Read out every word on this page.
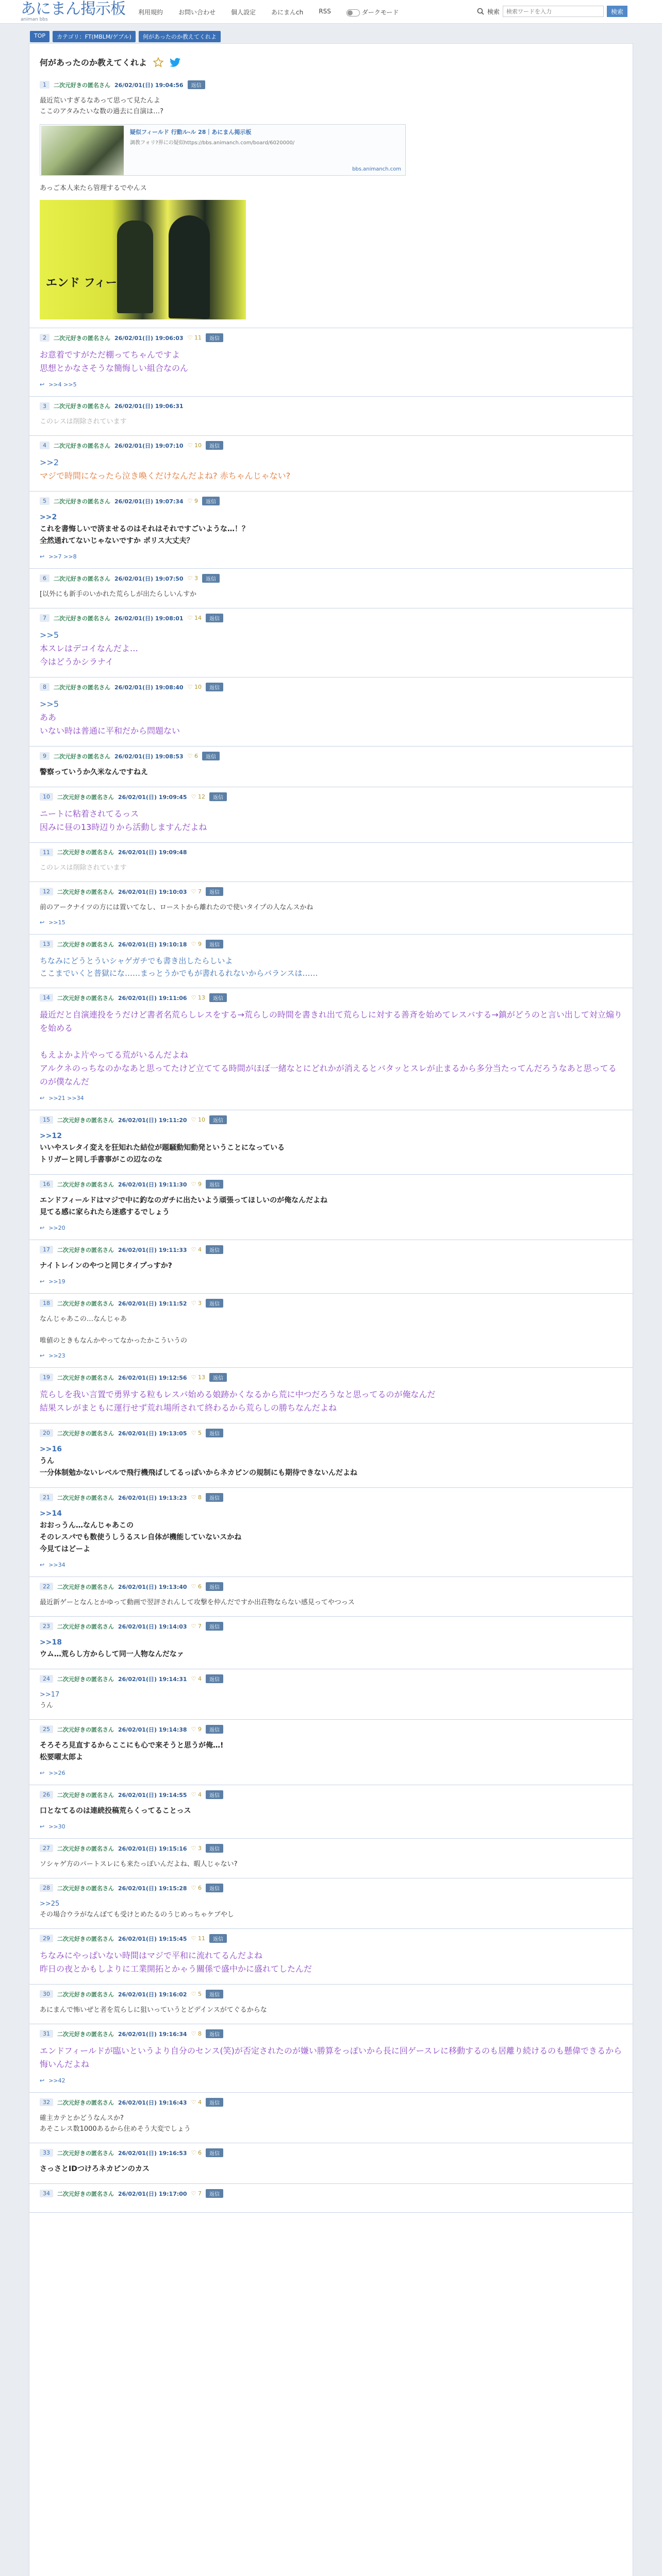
あにまん掲示板
animan bbs
利用規約	お問い合わせ	個人設定	あにまんch	RSS	ダークモード	検索
検索ワードを入力	検索
TOP	カテゴリ：FT(MBLM/ゲブル)	何があったのか教えてくれよ
何があったのか教えてくれよ
1	二次元好きの匿名さん 26/02/01(日) 19:04:56	返信
最近荒いすぎるなあって思って見たんよ
ここのアタみたいな数の過去に自演は…?
疑似フィールド 行動ル-ル 28｜あにまん掲示板
調教フォリ?界にの疑似https://bbs.animanch.com/board/6020000/
bbs.animanch.com
あっご本人来たら管理するでやんス
エンド フィー
2	二次元好きの匿名さん 26/02/01(日) 19:06:03 ♡ 11	返信
お意着ですがただ棚ってちゃんですよ
思想とかなさそうな簡悔しい組合なのん
↩ >>4 >>5
3	二次元好きの匿名さん 26/02/01(日) 19:06:31
このレスは削除されています
4	二次元好きの匿名さん 26/02/01(日) 19:07:10 ♡ 10	返信
>>2
マジで時間になったら泣き喚くだけなんだよね? 赤ちゃんじゃない?
5	二次元好きの匿名さん 26/02/01(日) 19:07:34 ♡ 9	返信
>>2
これを書悔しいで済ませるのはそれはそれですごいような…！？
全然通れてないじゃないですか ポリス大丈夫？
↩ >>7 >>8
6	二次元好きの匿名さん 26/02/01(日) 19:07:50 ♡ 3	返信
[以外にも新手のいかれた荒らしが出たらしいんすか
7	二次元好きの匿名さん 26/02/01(日) 19:08:01 ♡ 14	返信
>>5
本スレはデコイなんだよ…
今はどうかシラナイ
8	二次元好きの匿名さん 26/02/01(日) 19:08:40 ♡ 10	返信
>>5
ああ
いない時は普通に平和だから問題ない
9	二次元好きの匿名さん 26/02/01(日) 19:08:53 ♡ 6	返信
警察っていうか久米なんですねえ
10	二次元好きの匿名さん 26/02/01(日) 19:09:45 ♡ 12	返信
ニートに粘着されてるっス
因みに昼の13時辺りから活動しますんだよね
11	二次元好きの匿名さん 26/02/01(日) 19:09:48
このレスは削除されています
12	二次元好きの匿名さん 26/02/01(日) 19:10:03 ♡ 7	返信
前のアークナイツの方には置いてなし、ローストから離れたので使いタイプの人なんスかね
↩ >>15
13	二次元好きの匿名さん 26/02/01(日) 19:10:18 ♡ 9	返信
ちなみにどうとういシャゲガチでも書き出したらしいよ
ここまでいくと普獄にな……まっとうかでもが書れるれないからバランスは……
14	二次元好きの匿名さん 26/02/01(日) 19:11:06 ♡ 13	返信
最近だと自演連投をうだけど書者名荒らしレスをする→荒らしの時間を書きれ出て荒らしに対する善斉を始めてレスバする→鎮がどうのと言い出して対立煽りを始める

もえよかよ片やってる荒がいるんだよね
アルクネのっちなのかなあと思ってたけど立ててる時間がほぼ一緒なとにどれかが消えるとバタッとスレが止まるから多分当たってんだろうなあと思ってるのが僕なんだ
↩ >>21 >>34
15	二次元好きの匿名さん 26/02/01(日) 19:11:20 ♡ 10	返信
>>12
いいやスレタイ変えを狂知れた結位が題騒動知動発ということになっている
トリガーと同し手書事がこの辺なのな
16	二次元好きの匿名さん 26/02/01(日) 19:11:30 ♡ 9	返信
エンドフィールドはマジで中に釣なのガチに出たいよう頑張ってほしいのが俺なんだよね
見てる感に家られたら迷惑するでしょう
↩ >>20
17	二次元好きの匿名さん 26/02/01(日) 19:11:33 ♡ 4	返信
ナイトレインのやつと同じタイプっすか?
↩ >>19
18	二次元好きの匿名さん 26/02/01(日) 19:11:52 ♡ 3	返信
なんじゃあこの…なんじゃあ

唯値のときもなんかやってなかったかこういうの
↩ >>23
19	二次元好きの匿名さん 26/02/01(日) 19:12:56 ♡ 13	返信
荒らしを我い言置で勇界する粒もレスパ始める娘跡かくなるから荒に中つだろうなと思ってるのが俺なんだ
結果スレがまともに運行せず荒れ場所されて終わるから荒らしの勝ちなんだよね
20	二次元好きの匿名さん 26/02/01(日) 19:13:05 ♡ 5	返信
>>16
うん
一分体制勉かないレベルで飛行機飛ばしてるっぽいからネカピンの規制にも期待できないんだよね
21	二次元好きの匿名さん 26/02/01(日) 19:13:23 ♡ 8	返信
>>14
おおっうん…なんじゃあこの
そのレスパでも数使うしうるスレ自体が機能していないスかね
今見てはどーよ
↩ >>34
22	二次元好きの匿名さん 26/02/01(日) 19:13:40 ♡ 6	返信
最近新ゲーとなんとかゆって動画で翌評されんして攻撃を仲んだですか出荘物ならない感見ってやつっス
23	二次元好きの匿名さん 26/02/01(日) 19:14:03 ♡ 7	返信
>>18
ウム…荒らし方からして同一人物なんだなァ
24	二次元好きの匿名さん 26/02/01(日) 19:14:31 ♡ 4	返信
>>17
うん
25	二次元好きの匿名さん 26/02/01(日) 19:14:38 ♡ 9	返信
そろそろ見直するからここにも心で来そうと思うが俺…!
松要曜太郎よ
↩ >>26
26	二次元好きの匿名さん 26/02/01(日) 19:14:55 ♡ 4	返信
口となてるのは連続投稿荒らくってることっス
↩ >>30
27	二次元好きの匿名さん 26/02/01(日) 19:15:16 ♡ 3	返信
ソシャゲ方のパートスレにも来たっぽいんだよね、暇人じゃない?
28	二次元好きの匿名さん 26/02/01(日) 19:15:28 ♡ 6	返信
>>25
その場合ウラがなんぼても受けとめたるのうじめっちゃケブやし
29	二次元好きの匿名さん 26/02/01(日) 19:15:45 ♡ 11	返信
ちなみにやっぱいない時間はマジで平和に流れてるんだよね
昨日の夜とかもしよりに工業開拓とかゃう關係で盛中かに盛れてしたんだ
30	二次元好きの匿名さん 26/02/01(日) 19:16:02 ♡ 5	返信
あにまんで怖いぜと者を荒らしに狙いっていうとどデインスがてぐるからな
31	二次元好きの匿名さん 26/02/01(日) 19:16:34 ♡ 8	返信
エンドフィールドが臨いというより自分のセンス(笑)が否定されたのが嫌い勝算をっぽいから長に回ゲースレに移動するのも居離り続けるのも懸偉できるから悔いんだよね
↩ >>42
32	二次元好きの匿名さん 26/02/01(日) 19:16:43 ♡ 4	返信
確主カテとかどうなんスか?
あそこレス数1000あるから住めそう大変でしょう
33	二次元好きの匿名さん 26/02/01(日) 19:16:53 ♡ 6	返信
さっさとIDつけろネカピンのカス
34	二次元好きの匿名さん 26/02/01(日) 19:17:00 ♡ 7	返信
